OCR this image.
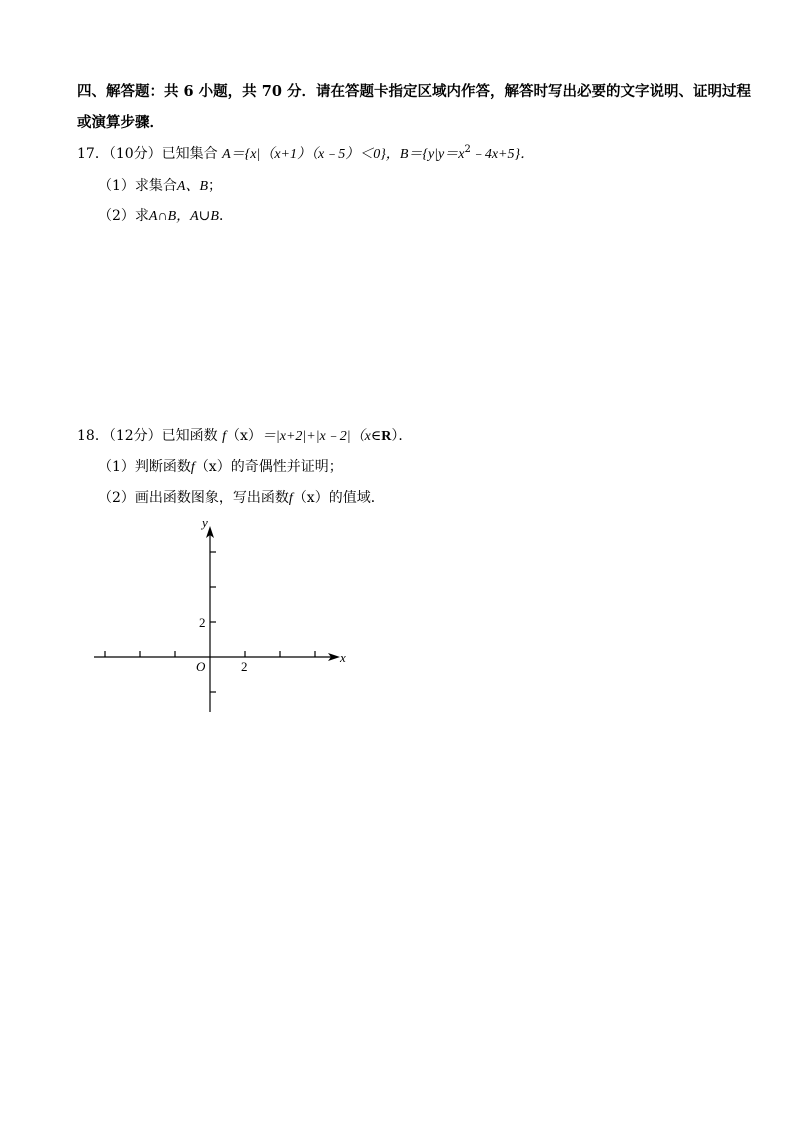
四、解答题：共 6 小题，共 70 分．请在答题卡指定区域内作答，解答时写出必要的文字说明、证明过程
或演算步骤．
17．（10分）已知集合 A＝{x|（x+1）（x﹣5）＜0}，$B=\{y|y=x^2﹣4x+5\}$．
（1）求集合A、B；
（2）求A∩B，A∪B．
18．（12分）已知函数 f（x）＝|x+2|+|x﹣2|（x∈R）．
（1）判断函数f（x）的奇偶性并证明；
（2）画出函数图象，写出函数f（x）的值域．
y
x
O
2
2
